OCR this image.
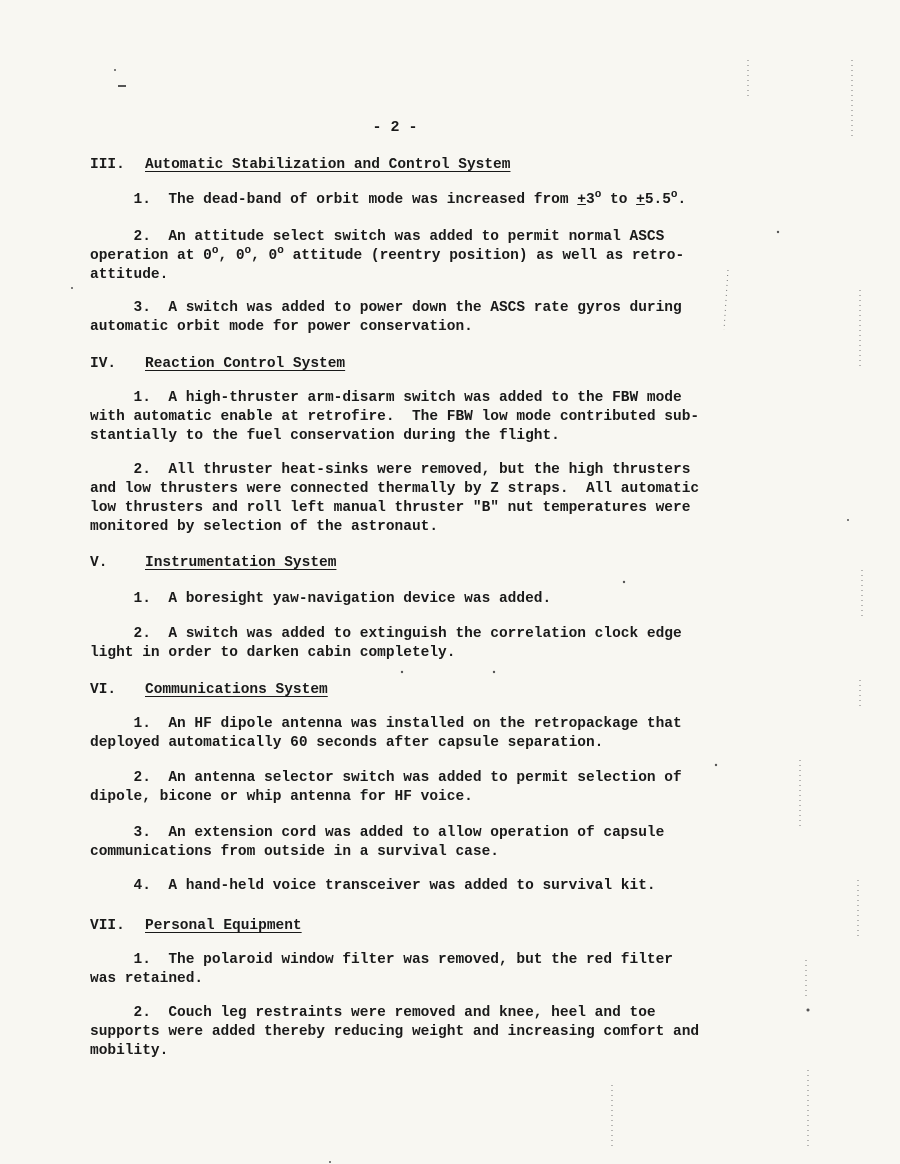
- 2 -
III. Automatic Stabilization and Control System
1.  The dead-band of orbit mode was increased from $+3^o$ to $+5.5^o$.
2.  An attitude select switch was added to permit normal ASCS
operation at 0$^o$, 0$^o$, 0$^o$ attitude (reentry position) as well as retro-
attitude.
3.  A switch was added to power down the ASCS rate gyros during
automatic orbit mode for power conservation.
IV. Reaction Control System
1.  A high-thruster arm-disarm switch was added to the FBW mode
with automatic enable at retrofire.  The FBW low mode contributed sub-
stantially to the fuel conservation during the flight.
2.  All thruster heat-sinks were removed, but the high thrusters
and low thrusters were connected thermally by Z straps.  All automatic
low thrusters and roll left manual thruster "B" nut temperatures were
monitored by selection of the astronaut.
V.	Instrumentation System
1.  A boresight yaw-navigation device was added.
2.  A switch was added to extinguish the correlation clock edge
light in order to darken cabin completely.
VI. Communications System
1.  An HF dipole antenna was installed on the retropackage that
deployed automatically 60 seconds after capsule separation.
2.  An antenna selector switch was added to permit selection of
dipole, bicone or whip antenna for HF voice.
3.  An extension cord was added to allow operation of capsule
communications from outside in a survival case.
4.  A hand-held voice transceiver was added to survival kit.
VII. Personal Equipment
1.  The polaroid window filter was removed, but the red filter
was retained.
2.  Couch leg restraints were removed and knee, heel and toe
supports were added thereby reducing weight and increasing comfort and
mobility.
